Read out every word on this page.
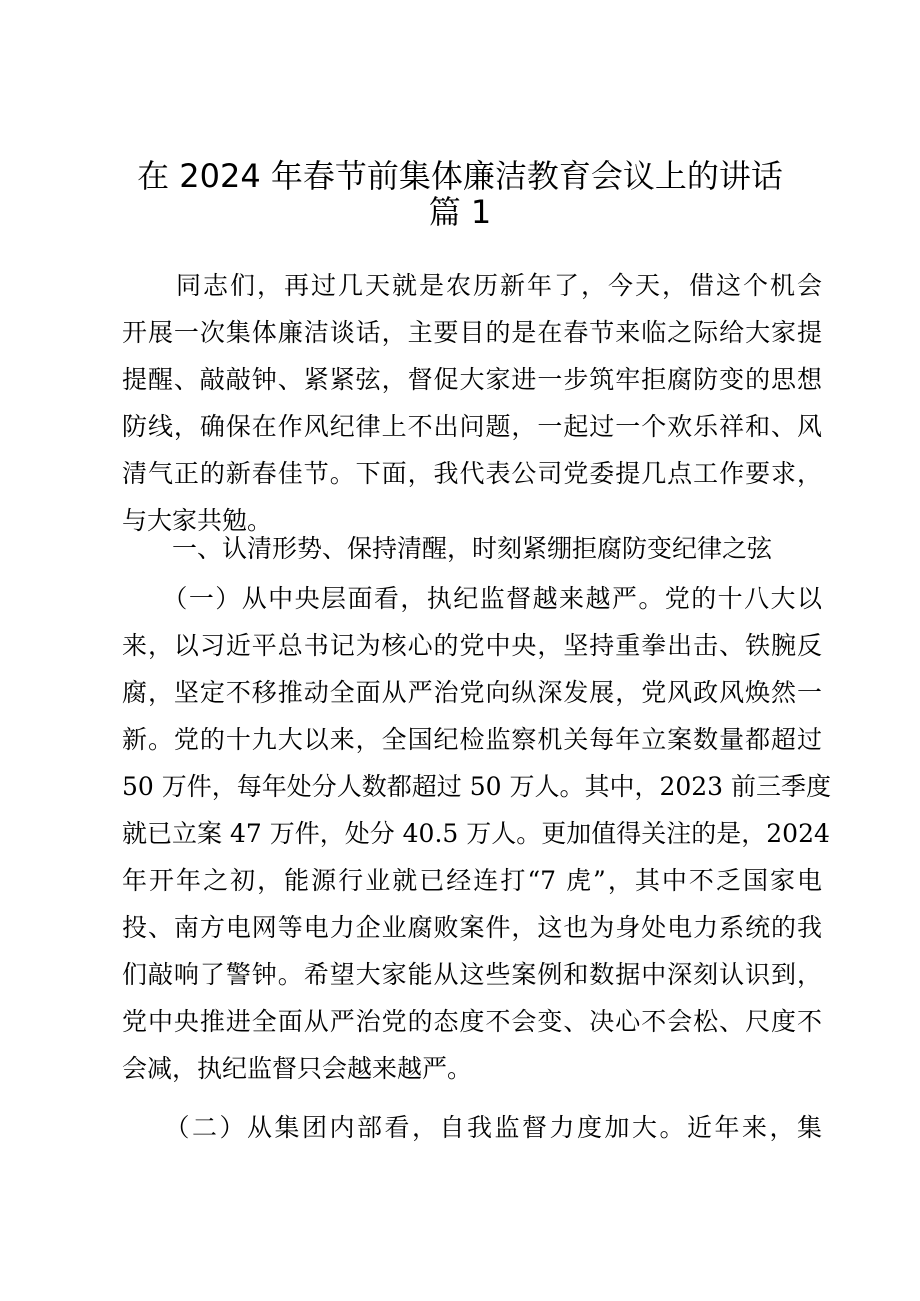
在 2024 年春节前集体廉洁教育会议上的讲话
篇 1
　　同志们，再过几天就是农历新年了，今天，借这个机会
开展一次集体廉洁谈话，主要目的是在春节来临之际给大家提
提醒、敲敲钟、紧紧弦，督促大家进一步筑牢拒腐防变的思想
防线，确保在作风纪律上不出问题，一起过一个欢乐祥和、风
清气正的新春佳节。下面，我代表公司党委提几点工作要求，
与大家共勉。
　　一、认清形势、保持清醒，时刻紧绷拒腐防变纪律之弦
　　（一）从中央层面看，执纪监督越来越严。党的十八大以
来，以习近平总书记为核心的党中央，坚持重拳出击、铁腕反
腐，坚定不移推动全面从严治党向纵深发展，党风政风焕然一
新。党的十九大以来，全国纪检监察机关每年立案数量都超过
50 万件，每年处分人数都超过 50 万人。其中，2023 前三季度
就已立案 47 万件，处分 40.5 万人。更加值得关注的是，2024
年开年之初，能源行业就已经连打“7 虎”，其中不乏国家电
投、南方电网等电力企业腐败案件，这也为身处电力系统的我
们敲响了警钟。希望大家能从这些案例和数据中深刻认识到，
党中央推进全面从严治党的态度不会变、决心不会松、尺度不
会减，执纪监督只会越来越严。
　　（二）从集团内部看，自我监督力度加大。近年来，集
